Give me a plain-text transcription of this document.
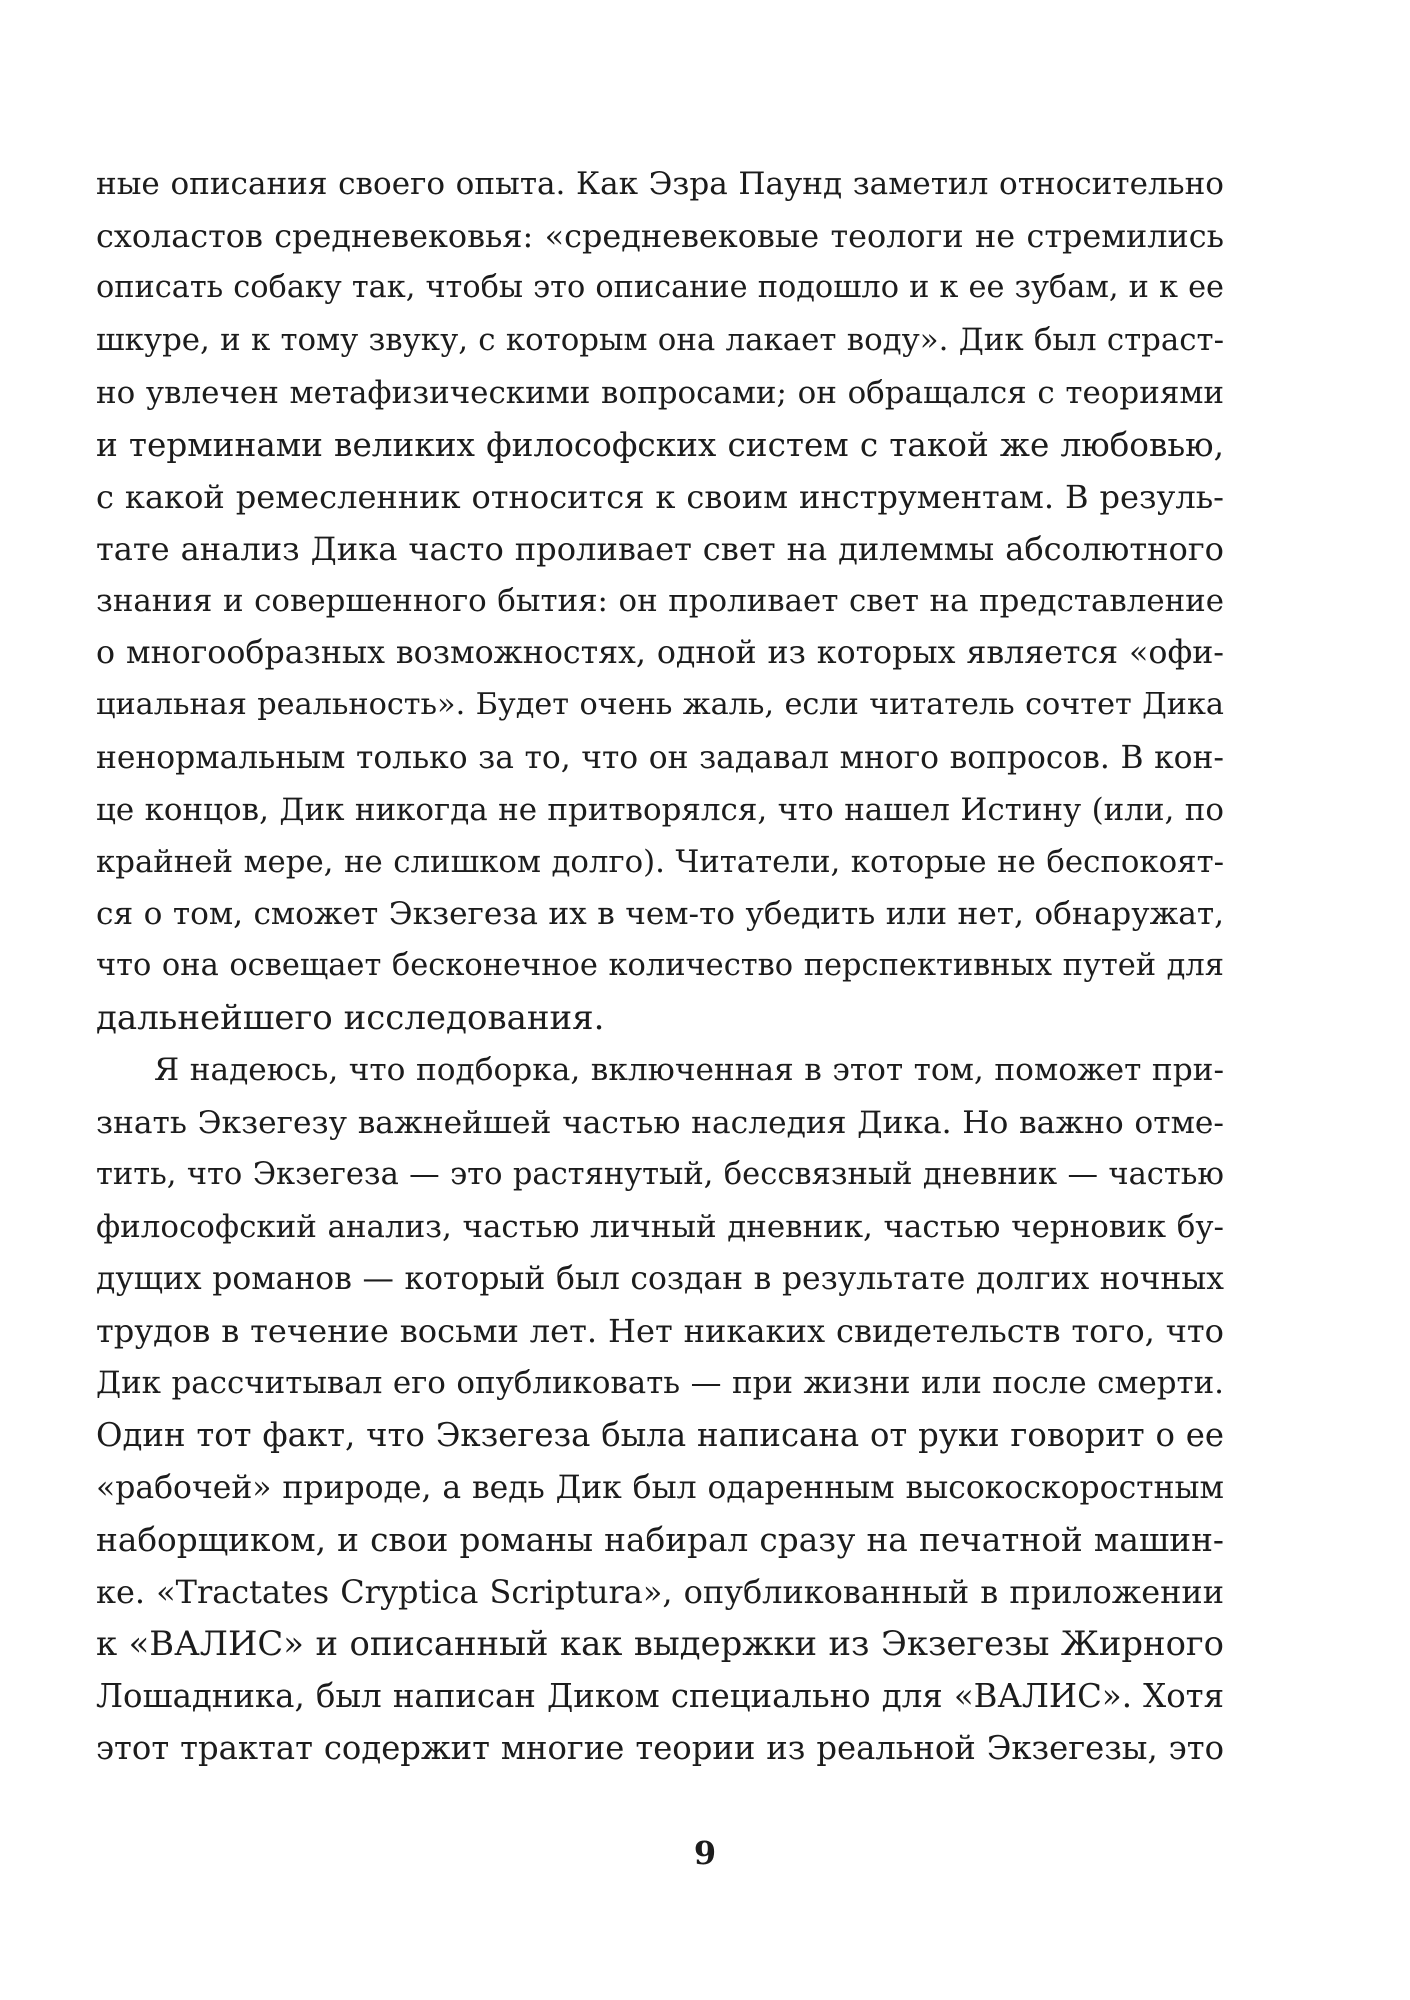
ные описания своего опыта. Как Эзра Паунд заметил относительно
схоластов средневековья: «средневековые теологи не стремились
описать собаку так, чтобы это описание подошло и к ее зубам, и к ее
шкуре, и к тому звуку, с которым она лакает воду». Дик был страст-
но увлечен метафизическими вопросами; он обращался с теориями
и терминами великих философских систем с такой же любовью,
с какой ремесленник относится к своим инструментам. В резуль-
тате анализ Дика часто проливает свет на дилеммы абсолютного
знания и совершенного бытия: он проливает свет на представление
о многообразных возможностях, одной из которых является «офи-
циальная реальность». Будет очень жаль, если читатель сочтет Дика
ненормальным только за то, что он задавал много вопросов. В кон-
це концов, Дик никогда не притворялся, что нашел Истину (или, по
крайней мере, не слишком долго). Читатели, которые не беспокоят-
ся о том, сможет Экзегеза их в чем-то убедить или нет, обнаружат,
что она освещает бесконечное количество перспективных путей для
дальнейшего исследования.
Я надеюсь, что подборка, включенная в этот том, поможет при-
знать Экзегезу важнейшей частью наследия Дика. Но важно отме-
тить, что Экзегеза — это растянутый, бессвязный дневник — частью
философский анализ, частью личный дневник, частью черновик бу-
дущих романов — который был создан в результате долгих ночных
трудов в течение восьми лет. Нет никаких свидетельств того, что
Дик рассчитывал его опубликовать — при жизни или после смерти.
Один тот факт, что Экзегеза была написана от руки говорит о ее
«рабочей» природе, а ведь Дик был одаренным высокоскоростным
наборщиком, и свои романы набирал сразу на печатной машин-
ке. «Tractates Cryptica Scriptura», опубликованный в приложении
к «ВАЛИС» и описанный как выдержки из Экзегезы Жирного
Лошадника, был написан Диком специально для «ВАЛИС». Хотя
этот трактат содержит многие теории из реальной Экзегезы, это
9
